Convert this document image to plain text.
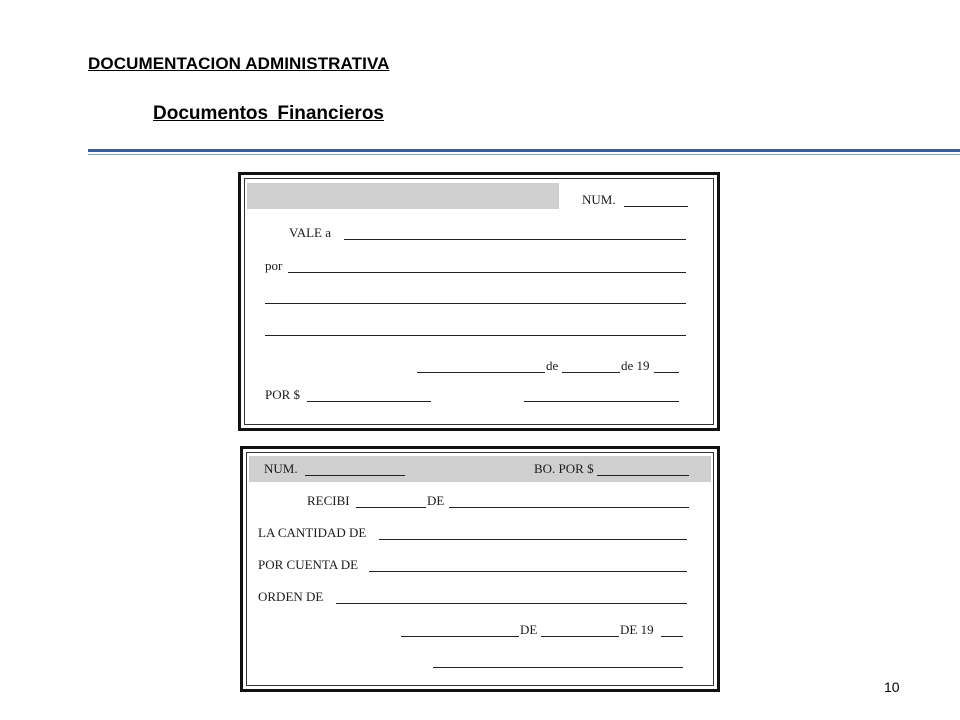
DOCUMENTACION ADMINISTRATIVA
Documentos Financieros
NUM.
VALE a
por
de	de 19
POR $
NUM.	BO. POR $
RECIBI	DE
LA CANTIDAD DE
POR CUENTA DE
ORDEN DE
DE	DE 19
10
